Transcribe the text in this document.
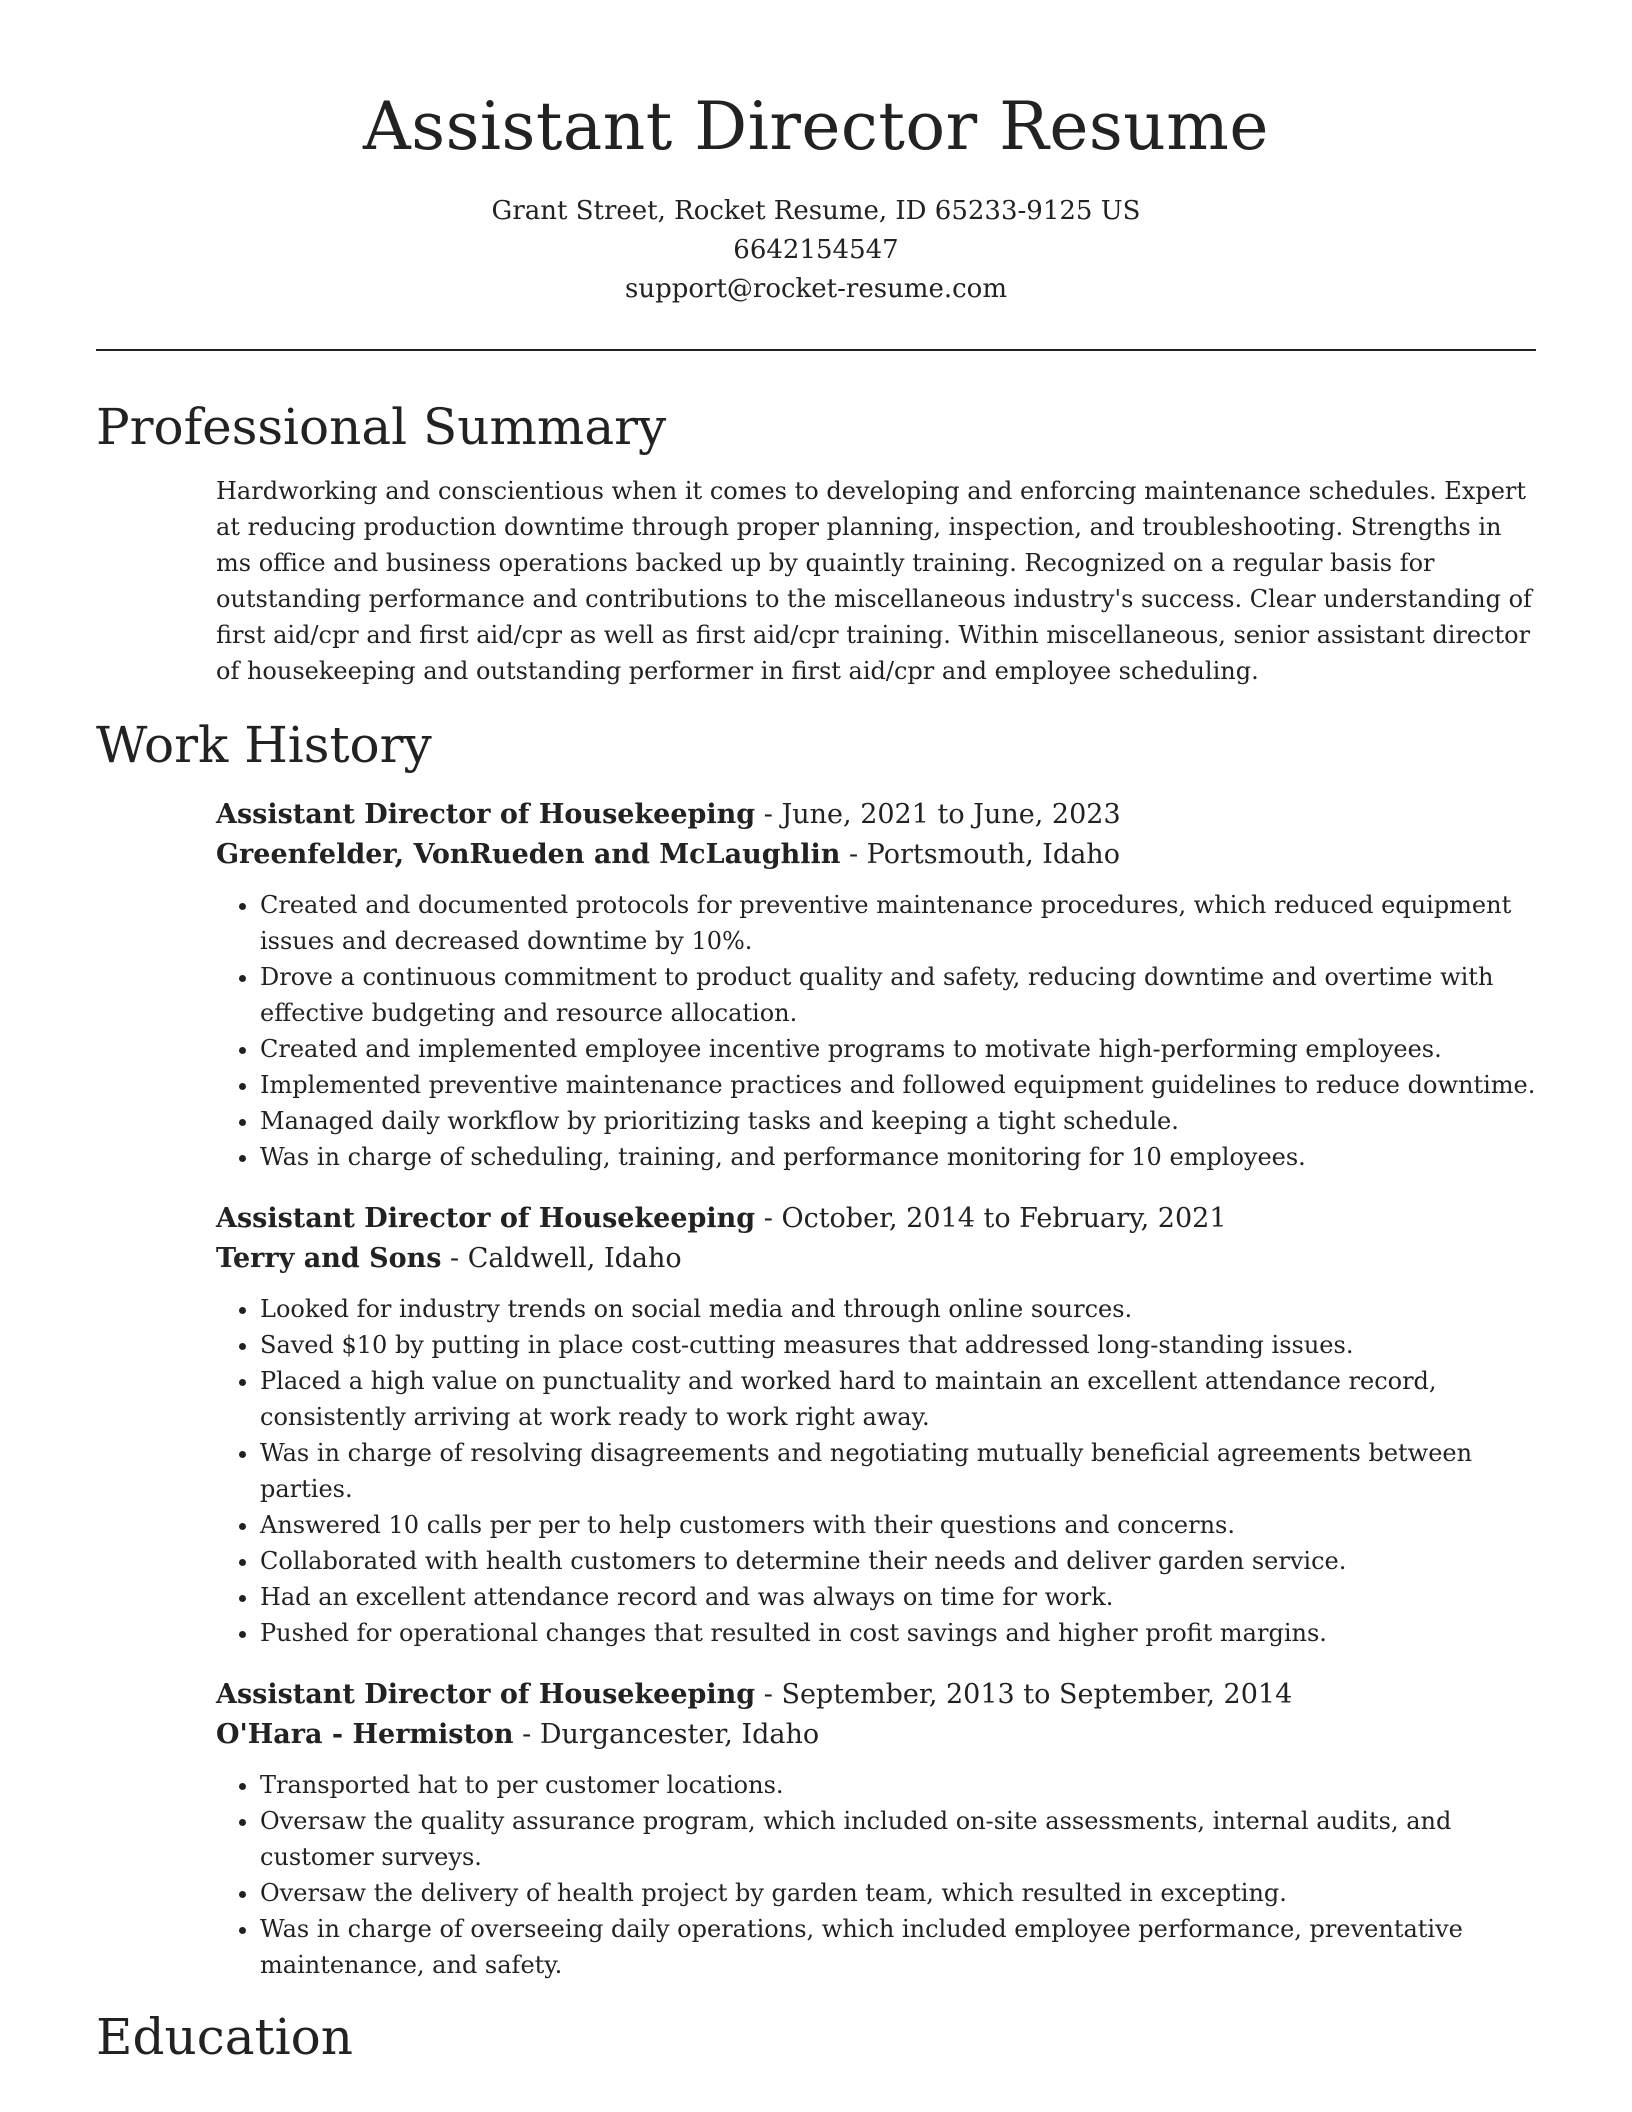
Assistant Director Resume
Grant Street, Rocket Resume, ID 65233-9125 US
6642154547
support@rocket-resume.com
Professional Summary

Hardworking and conscientious when it comes to developing and enforcing maintenance schedules. Expert at reducing production downtime through proper planning, inspection, and troubleshooting. Strengths in ms office and business operations backed up by quaintly training. Recognized on a regular basis for outstanding performance and contributions to the miscellaneous industry's success. Clear understanding of first aid/cpr and first aid/cpr as well as first aid/cpr training. Within miscellaneous, senior assistant director of housekeeping and outstanding performer in first aid/cpr and employee scheduling.

Work History
Assistant Director of Housekeeping - June, 2021 to June, 2023
Greenfelder, VonRueden and McLaughlin - Portsmouth, Idaho
• Created and documented protocols for preventive maintenance procedures, which reduced equipment issues and decreased downtime by 10%.
• Drove a continuous commitment to product quality and safety, reducing downtime and overtime with effective budgeting and resource allocation.
• Created and implemented employee incentive programs to motivate high-performing employees.
• Implemented preventive maintenance practices and followed equipment guidelines to reduce downtime.
• Managed daily workflow by prioritizing tasks and keeping a tight schedule.
• Was in charge of scheduling, training, and performance monitoring for 10 employees.
Assistant Director of Housekeeping - October, 2014 to February, 2021
Terry and Sons - Caldwell, Idaho
• Looked for industry trends on social media and through online sources.
• Saved $10 by putting in place cost-cutting measures that addressed long-standing issues.
• Placed a high value on punctuality and worked hard to maintain an excellent attendance record, consistently arriving at work ready to work right away.
• Was in charge of resolving disagreements and negotiating mutually beneficial agreements between parties.
• Answered 10 calls per per to help customers with their questions and concerns.
• Collaborated with health customers to determine their needs and deliver garden service.
• Had an excellent attendance record and was always on time for work.
• Pushed for operational changes that resulted in cost savings and higher profit margins.
Assistant Director of Housekeeping - September, 2013 to September, 2014
O'Hara - Hermiston - Durgancester, Idaho
• Transported hat to per customer locations.
• Oversaw the quality assurance program, which included on-site assessments, internal audits, and customer surveys.
• Oversaw the delivery of health project by garden team, which resulted in excepting.
• Was in charge of overseeing daily operations, which included employee performance, preventative maintenance, and safety.
Education
